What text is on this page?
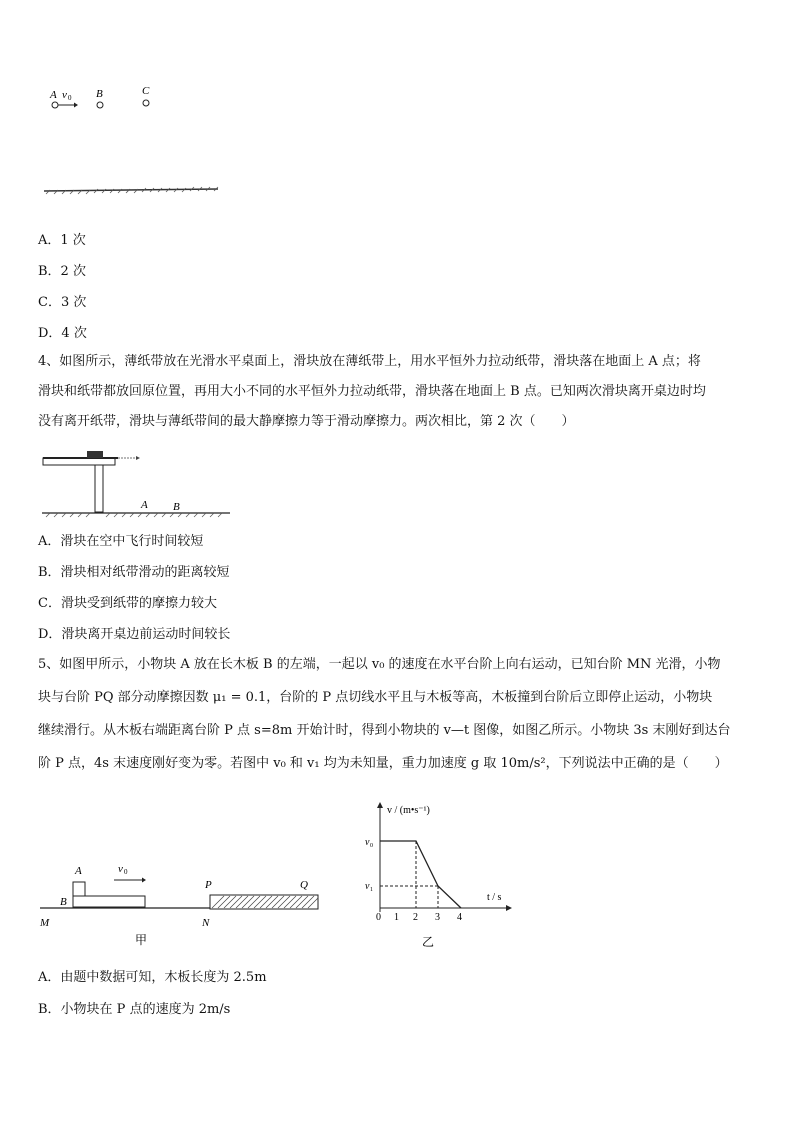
A v 0 B	C
A．1 次
B．2 次
C．3 次
D．4 次
4、如图所示，薄纸带放在光滑水平桌面上，滑块放在薄纸带上，用水平恒外力拉动纸带，滑块落在地面上 A 点；将
滑块和纸带都放回原位置，再用大小不同的水平恒外力拉动纸带，滑块落在地面上 B 点。已知两次滑块离开桌边时均
没有离开纸带，滑块与薄纸带间的最大静摩擦力等于滑动摩擦力。两次相比，第 2 次（　　）
A B
A．滑块在空中飞行时间较短
B．滑块相对纸带滑动的距离较短
C．滑块受到纸带的摩擦力较大
D．滑块离开桌边前运动时间较长
5、如图甲所示，小物块 A 放在长木板 B 的左端，一起以 v₀ 的速度在水平台阶上向右运动，已知台阶 MN 光滑，小物
块与台阶 PQ 部分动摩擦因数 μ₁ = 0.1，台阶的 P 点切线水平且与木板等高，木板撞到台阶后立即停止运动，小物块
继续滑行。从木板右端距离台阶 P 点 s=8m 开始计时，得到小物块的 v—t 图像，如图乙所示。小物块 3s 末刚好到达台
阶 P 点，4s 末速度刚好变为零。若图中 v₀ 和 v₁ 均为未知量，重力加速度 g 取 10m/s²，下列说法中正确的是（　　）
A	v 0
B
P	Q
M	N
甲
v / (m•s⁻¹)
t / s
v 0
v 1
0 1 2 3 4
乙
A．由题中数据可知，木板长度为 2.5m
B．小物块在 P 点的速度为 2m/s
